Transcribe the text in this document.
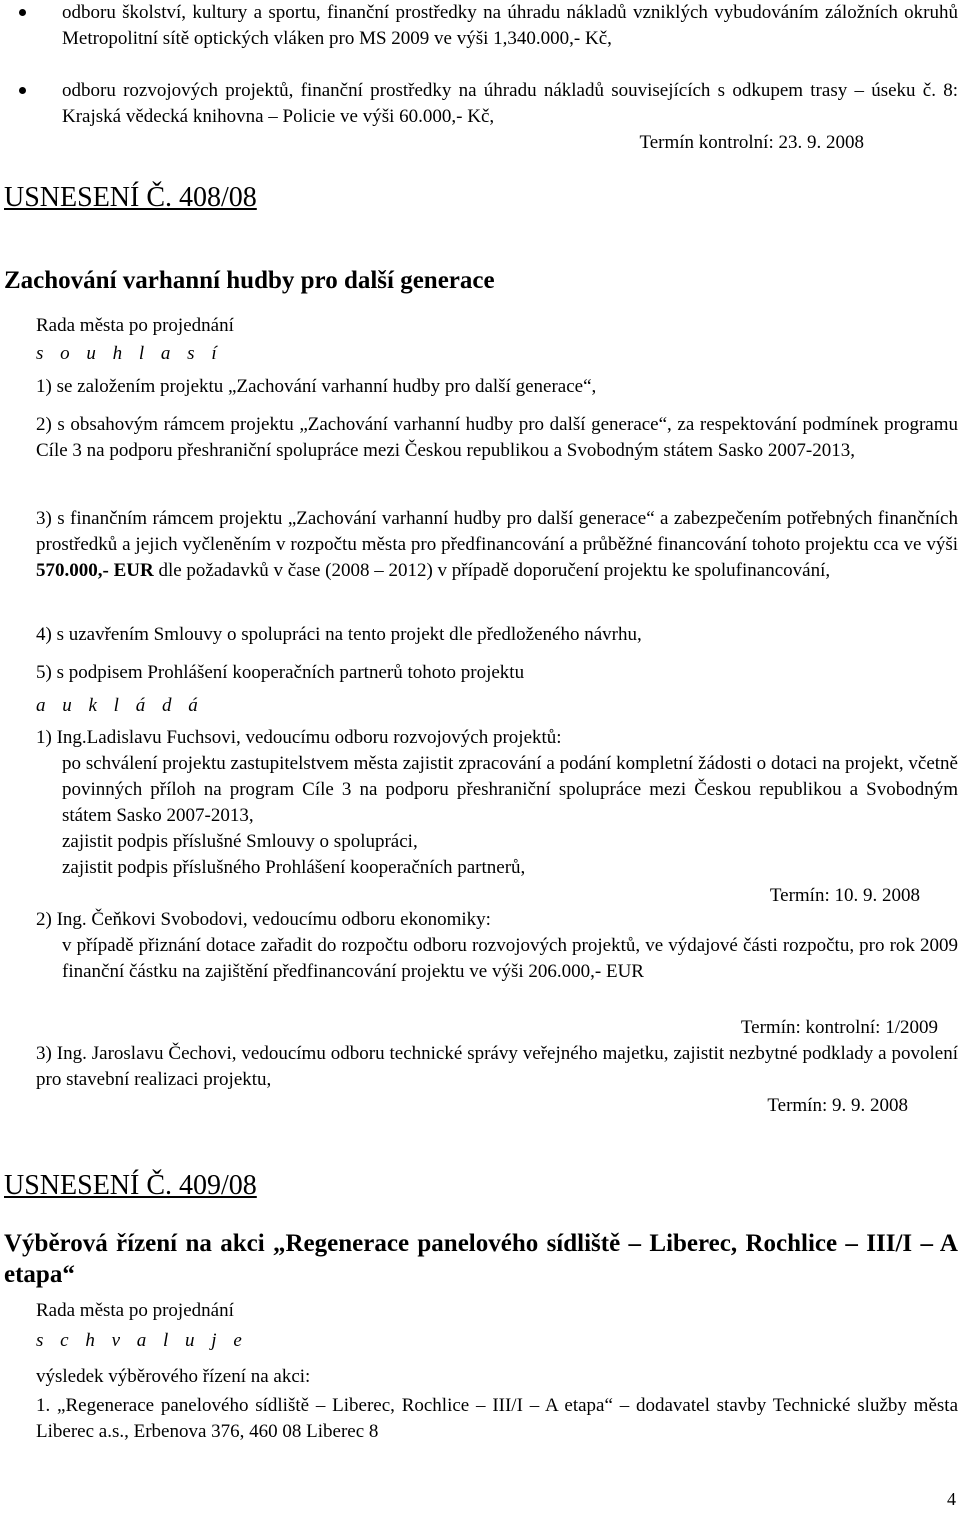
odboru školství, kultury a sportu, finanční prostředky na úhradu nákladů vzniklých vybudováním záložních okruhů Metropolitní sítě optických vláken pro MS 2009 ve výši 1,340.000,- Kč,
odboru rozvojových projektů, finanční prostředky na úhradu nákladů souvisejících s odkupem trasy – úseku č. 8: Krajská vědecká knihovna – Policie ve výši 60.000,- Kč,
Termín kontrolní: 23. 9. 2008
USNESENÍ Č. 408/08
Zachování varhanní hudby pro další generace
Rada města po projednání
s o u h l a s í
1) se založením projektu „Zachování varhanní hudby pro další generace“,
2) s obsahovým rámcem projektu „Zachování varhanní hudby pro další generace“, za respektování podmínek programu Cíle 3 na podporu přeshraniční spolupráce mezi Českou republikou a Svobodným státem Sasko 2007-2013,
3) s finančním rámcem projektu „Zachování varhanní hudby pro další generace“ a zabezpečením potřebných finančních prostředků a jejich vyčleněním v rozpočtu města pro předfinancování a průběžné financování tohoto projektu cca ve výši 570.000,- EUR dle požadavků v čase (2008 – 2012) v případě doporučení projektu ke spolufinancování,
4) s uzavřením Smlouvy o spolupráci na tento projekt dle předloženého návrhu,
5) s podpisem Prohlášení kooperačních partnerů tohoto projektu
a u k l á d á
1) Ing.Ladislavu Fuchsovi, vedoucímu odboru rozvojových projektů:
po schválení projektu zastupitelstvem města zajistit zpracování a podání kompletní žádosti o dotaci na projekt, včetně povinných příloh na program Cíle 3 na podporu přeshraniční spolupráce mezi Českou republikou a Svobodným státem Sasko 2007-2013,
zajistit podpis příslušné Smlouvy o spolupráci,
zajistit podpis příslušného Prohlášení kooperačních partnerů,
Termín: 10. 9. 2008
2) Ing. Čeňkovi Svobodovi, vedoucímu odboru ekonomiky:
v případě přiznání dotace zařadit do rozpočtu odboru rozvojových projektů, ve výdajové části rozpočtu, pro rok 2009 finanční částku na zajištění předfinancování projektu ve výši 206.000,- EUR
Termín: kontrolní: 1/2009
3) Ing. Jaroslavu Čechovi, vedoucímu odboru technické správy veřejného majetku, zajistit nezbytné podklady a povolení pro stavební realizaci projektu,
Termín: 9. 9. 2008
USNESENÍ Č. 409/08
Výběrová řízení na akci „Regenerace panelového sídliště – Liberec, Rochlice – III/I – A etapa“
Rada města po projednání
s c h v a l u j e
výsledek výběrového řízení na akci:
1. „Regenerace panelového sídliště – Liberec, Rochlice – III/I – A etapa“ – dodavatel stavby Technické služby města Liberec a.s., Erbenova 376, 460 08 Liberec 8
4
